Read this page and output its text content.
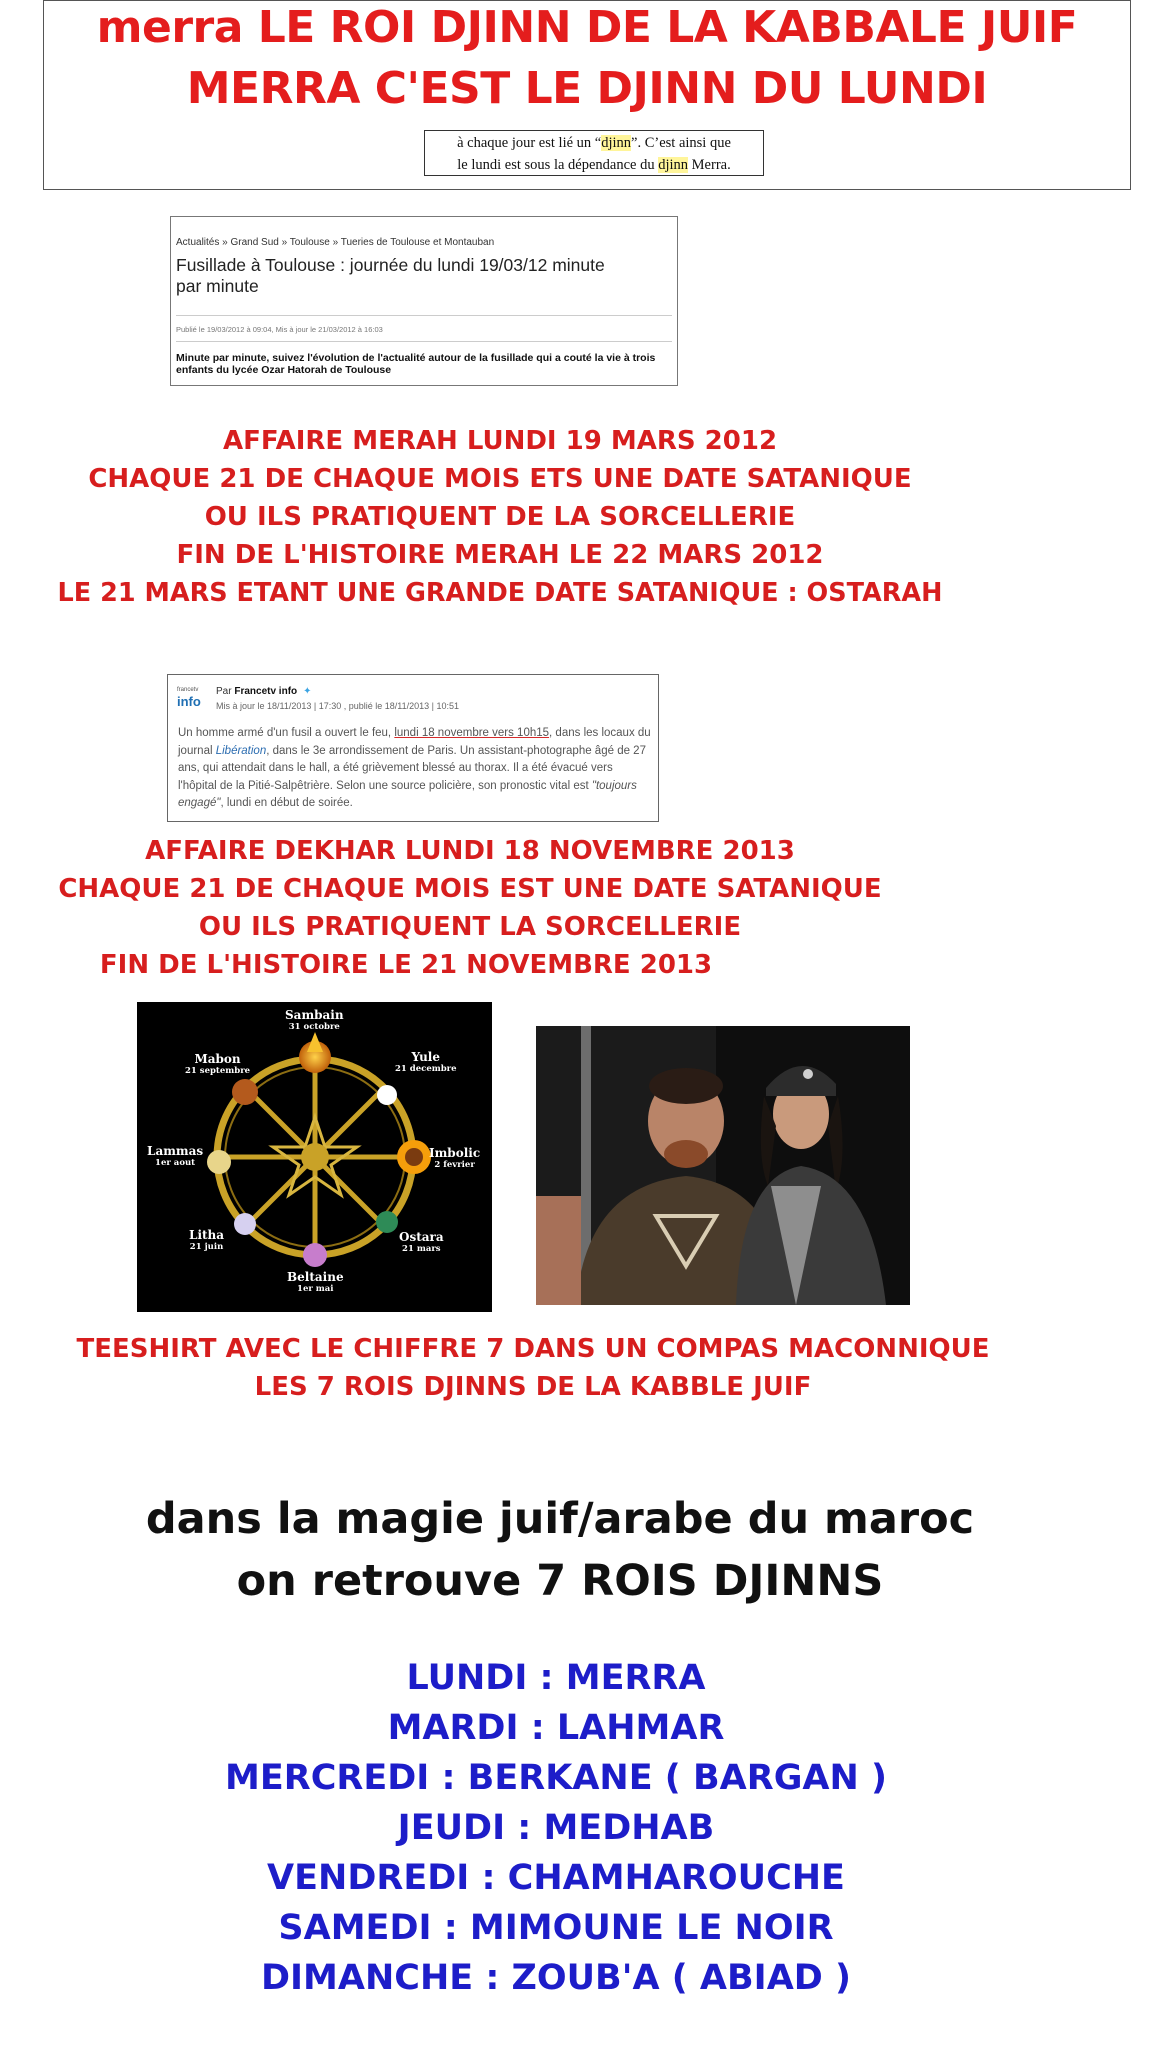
merra LE ROI DJINN DE LA KABBALE JUIF
MERRA C'EST LE DJINN DU LUNDI
à chaque jour est lié un “djinn”. C’est ainsi que
le lundi est sous la dépendance du djinn Merra.
Actualités » Grand Sud » Toulouse » Tueries de Toulouse et Montauban
Fusillade à Toulouse : journée du lundi 19/03/12 minute par minute
Publié le 19/03/2012 à 09:04, Mis à jour le 21/03/2012 à 16:03
Minute par minute, suivez l'évolution de l'actualité autour de la fusillade qui a couté la vie à trois enfants du lycée Ozar Hatorah de Toulouse
AFFAIRE MERAH LUNDI 19 MARS 2012
CHAQUE 21 DE CHAQUE MOIS ETS UNE DATE SATANIQUE
OU ILS PRATIQUENT DE LA SORCELLERIE
FIN DE L'HISTOIRE MERAH LE 22 MARS 2012
LE 21 MARS ETANT UNE GRANDE DATE SATANIQUE : OSTARAH
francetv
info
Par Francetv info ✦
Mis à jour le 18/11/2013 | 17:30 , publié le 18/11/2013 | 10:51
Un homme armé d'un fusil a ouvert le feu, lundi 18 novembre vers 10h15, dans les locaux du journal Libération, dans le 3e arrondissement de Paris. Un assistant-photographe âgé de 27 ans, qui attendait dans le hall, a été grièvement blessé au thorax. Il a été évacué vers l'hôpital de la Pitié-Salpêtrière. Selon une source policière, son pronostic vital est "toujours engagé", lundi en début de soirée.
AFFAIRE DEKHAR LUNDI 18 NOVEMBRE 2013
CHAQUE 21 DE CHAQUE MOIS EST UNE DATE SATANIQUE
OU ILS PRATIQUENT LA SORCELLERIE
FIN DE L'HISTOIRE LE 21 NOVEMBRE 2013
Sambain
31 octobre
Yule
21 decembre
Imbolic
2 fevrier
Ostara
21 mars
Beltaine
1er mai
Litha
21 juin
Lammas
1er aout
Mabon
21 septembre
TEESHIRT AVEC LE CHIFFRE 7 DANS UN COMPAS MACONNIQUE
LES 7 ROIS DJINNS DE LA KABBLE JUIF
dans la magie juif/arabe du maroc
on retrouve 7 ROIS DJINNS
LUNDI : MERRA
MARDI : LAHMAR
MERCREDI : BERKANE ( BARGAN )
JEUDI : MEDHAB
VENDREDI : CHAMHAROUCHE
SAMEDI : MIMOUNE LE NOIR
DIMANCHE : ZOUB'A ( ABIAD )
